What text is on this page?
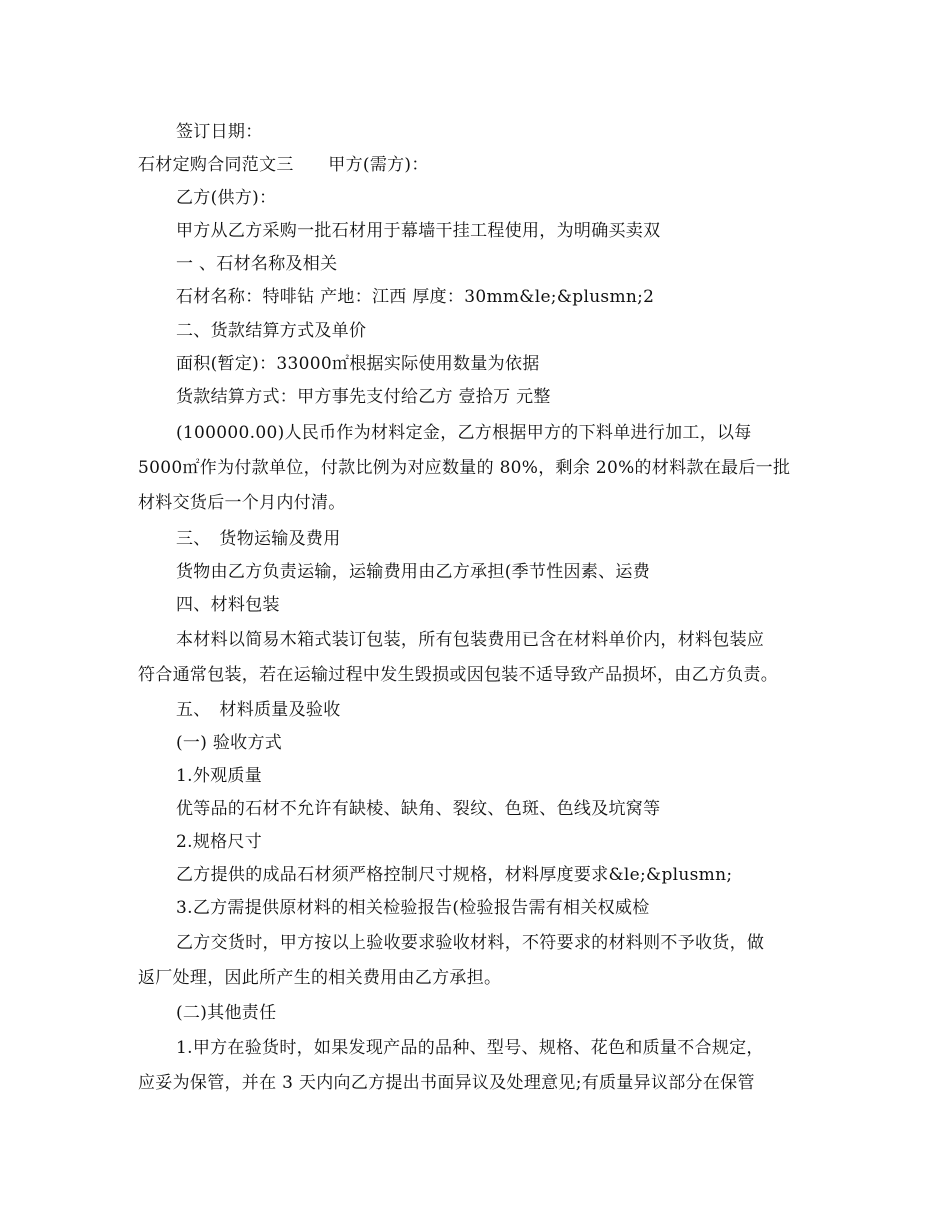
签订日期：
石材定购合同范文三　　甲方(需方)：
乙方(供方)：
甲方从乙方采购一批石材用于幕墙干挂工程使用，为明确买卖双
一 、石材名称及相关
石材名称：特啡钻 产地：江西 厚度：30mm&le;&plusmn;2
二、货款结算方式及单价
面积(暂定)：33000㎡根据实际使用数量为依据
货款结算方式：甲方事先支付给乙方 壹拾万 元整
(100000.00)人民币作为材料定金，乙方根据甲方的下料单进行加工，以每
5000㎡作为付款单位，付款比例为对应数量的 80%，剩余 20%的材料款在最后一批
材料交货后一个月内付清。
三、　货物运输及费用
货物由乙方负责运输，运输费用由乙方承担(季节性因素、运费
四、材料包装
本材料以简易木箱式装订包装，所有包装费用已含在材料单价内，材料包装应
符合通常包装，若在运输过程中发生毁损或因包装不适导致产品损坏，由乙方负责。
五、　材料质量及验收
(一) 验收方式
1.外观质量
优等品的石材不允许有缺棱、缺角、裂纹、色斑、色线及坑窝等
2.规格尺寸
乙方提供的成品石材须严格控制尺寸规格，材料厚度要求&le;&plusmn;
3.乙方需提供原材料的相关检验报告(检验报告需有相关权威检
乙方交货时，甲方按以上验收要求验收材料，不符要求的材料则不予收货，做
返厂处理，因此所产生的相关费用由乙方承担。
(二)其他责任
1.甲方在验货时，如果发现产品的品种、型号、规格、花色和质量不合规定，
应妥为保管，并在 3 天内向乙方提出书面异议及处理意见;有质量异议部分在保管
